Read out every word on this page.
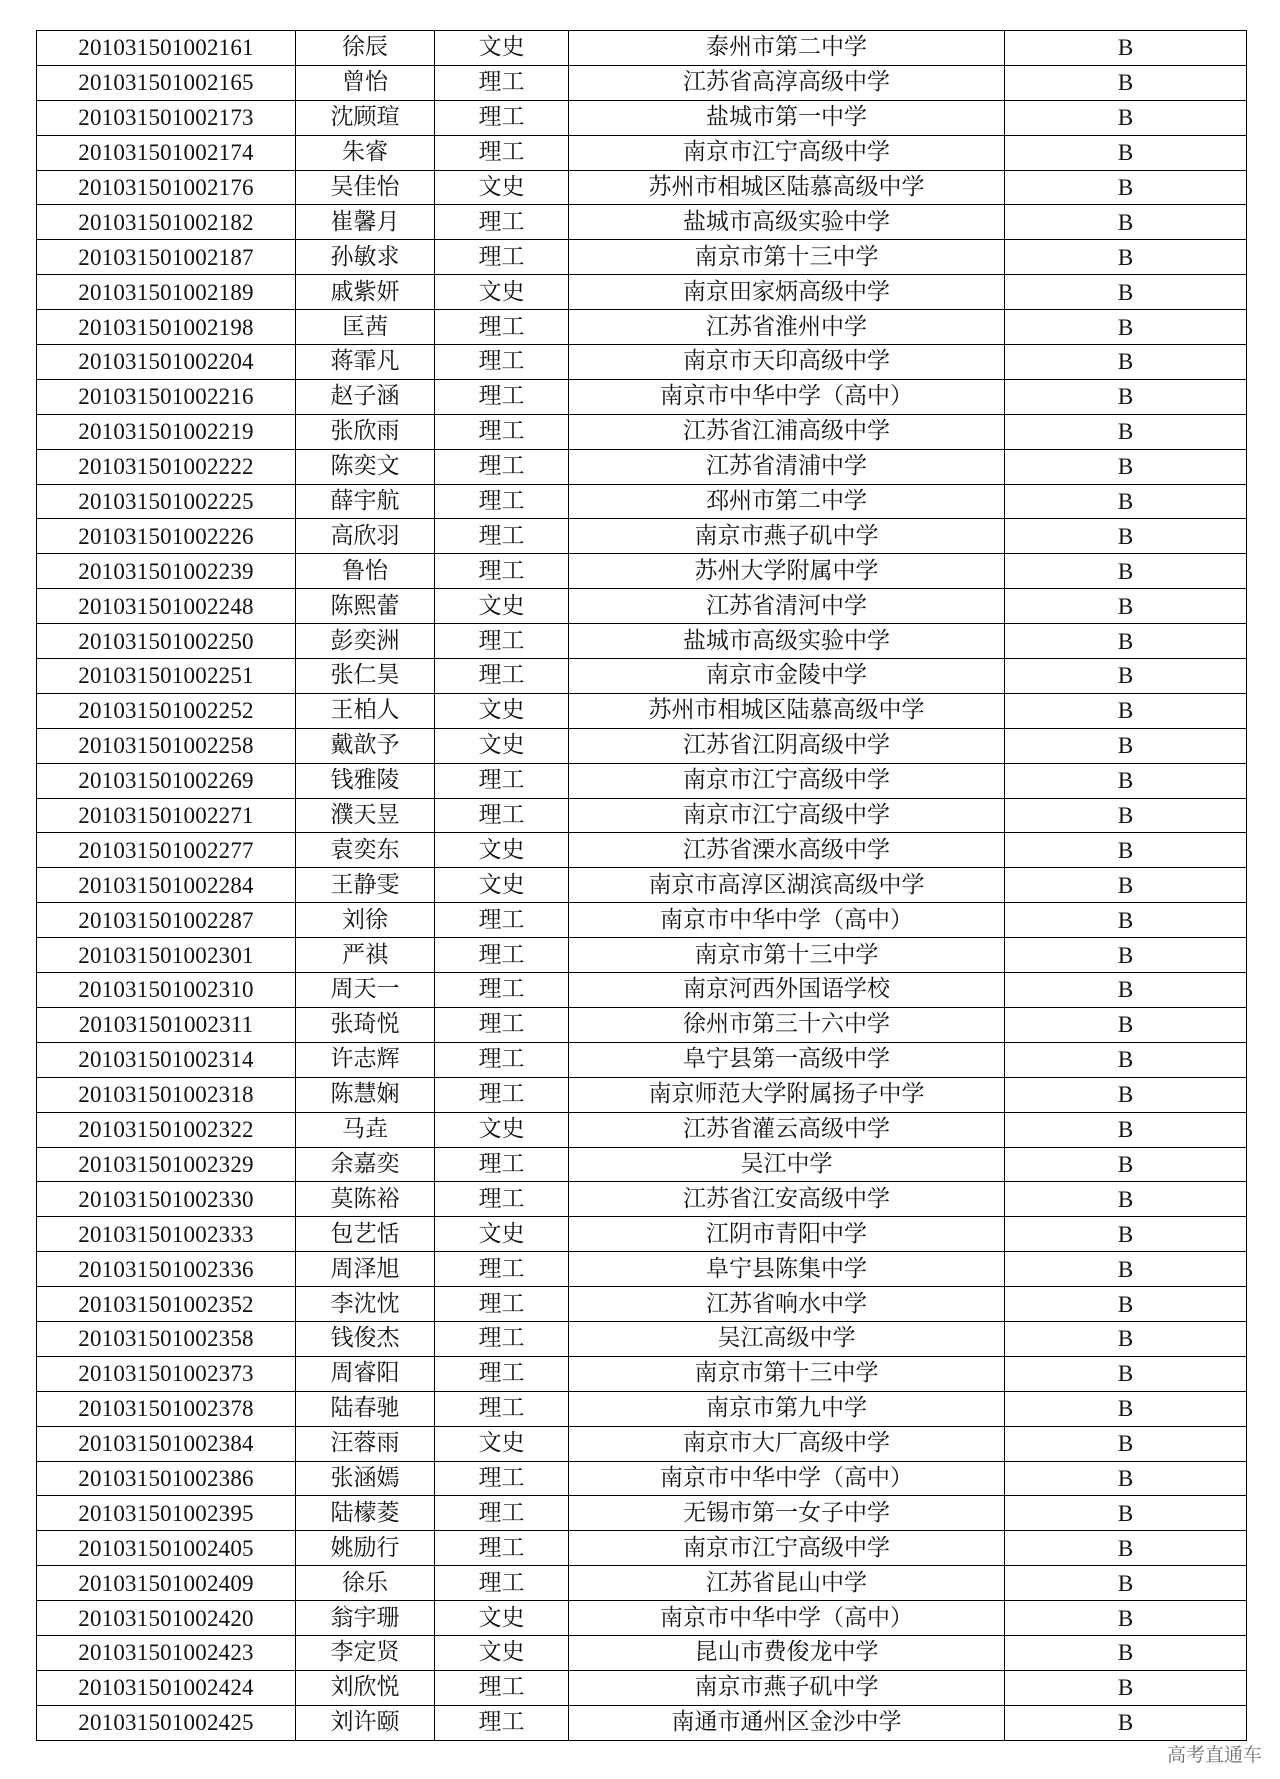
201031501002161	徐辰	文史	泰州市第二中学	B
201031501002165	曾怡	理工	江苏省高淳高级中学	B
201031501002173	沈顾瑄	理工	盐城市第一中学	B
201031501002174	朱睿	理工	南京市江宁高级中学	B
201031501002176	吴佳怡	文史	苏州市相城区陆慕高级中学	B
201031501002182	崔馨月	理工	盐城市高级实验中学	B
201031501002187	孙敏求	理工	南京市第十三中学	B
201031501002189	戚紫妍	文史	南京田家炳高级中学	B
201031501002198	匡茜	理工	江苏省淮州中学	B
201031501002204	蒋霏凡	理工	南京市天印高级中学	B
201031501002216	赵子涵	理工	南京市中华中学（高中）	B
201031501002219	张欣雨	理工	江苏省江浦高级中学	B
201031501002222	陈奕文	理工	江苏省清浦中学	B
201031501002225	薛宇航	理工	邳州市第二中学	B
201031501002226	高欣羽	理工	南京市燕子矶中学	B
201031501002239	鲁怡	理工	苏州大学附属中学	B
201031501002248	陈熙蕾	文史	江苏省清河中学	B
201031501002250	彭奕洲	理工	盐城市高级实验中学	B
201031501002251	张仁昊	理工	南京市金陵中学	B
201031501002252	王柏人	文史	苏州市相城区陆慕高级中学	B
201031501002258	戴歆予	文史	江苏省江阴高级中学	B
201031501002269	钱雅陵	理工	南京市江宁高级中学	B
201031501002271	濮天昱	理工	南京市江宁高级中学	B
201031501002277	袁奕东	文史	江苏省溧水高级中学	B
201031501002284	王静雯	文史	南京市高淳区湖滨高级中学	B
201031501002287	刘徐	理工	南京市中华中学（高中）	B
201031501002301	严祺	理工	南京市第十三中学	B
201031501002310	周天一	理工	南京河西外国语学校	B
201031501002311	张琦悦	理工	徐州市第三十六中学	B
201031501002314	许志辉	理工	阜宁县第一高级中学	B
201031501002318	陈慧娴	理工	南京师范大学附属扬子中学	B
201031501002322	马垚	文史	江苏省灌云高级中学	B
201031501002329	余嘉奕	理工	吴江中学	B
201031501002330	莫陈裕	理工	江苏省江安高级中学	B
201031501002333	包艺恬	文史	江阴市青阳中学	B
201031501002336	周泽旭	理工	阜宁县陈集中学	B
201031501002352	李沈忱	理工	江苏省响水中学	B
201031501002358	钱俊杰	理工	吴江高级中学	B
201031501002373	周睿阳	理工	南京市第十三中学	B
201031501002378	陆春驰	理工	南京市第九中学	B
201031501002384	汪蓉雨	文史	南京市大厂高级中学	B
201031501002386	张涵嫣	理工	南京市中华中学（高中）	B
201031501002395	陆檬菱	理工	无锡市第一女子中学	B
201031501002405	姚励行	理工	南京市江宁高级中学	B
201031501002409	徐乐	理工	江苏省昆山中学	B
201031501002420	翁宇珊	文史	南京市中华中学（高中）	B
201031501002423	李定贤	文史	昆山市费俊龙中学	B
201031501002424	刘欣悦	理工	南京市燕子矶中学	B
201031501002425	刘许颐	理工	南通市通州区金沙中学	B
高考直通车
